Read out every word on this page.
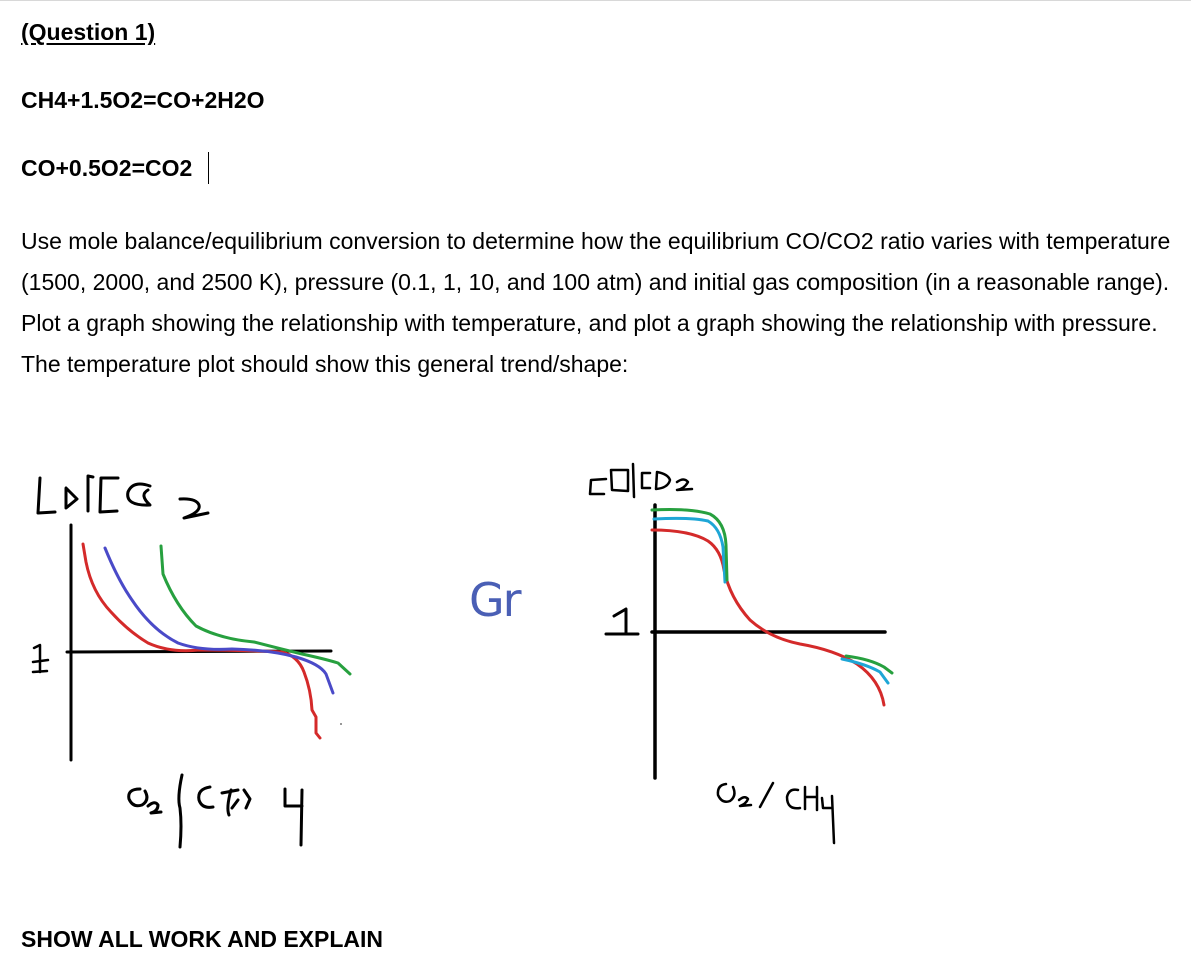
(Question 1)
CH4+1.5O2=CO+2H2O
CO+0.5O2=CO2

Use mole balance/equilibrium conversion to determine how the equilibrium CO/CO2 ratio varies with temperature (1500, 2000, and 2500 K), pressure (0.1, 1, 10, and 100 atm) and initial gas composition (in a reasonable range). Plot a graph showing the relationship with temperature, and plot a graph showing the relationship with pressure. The temperature plot should show this general trend/shape:

Gr
SHOW ALL WORK AND EXPLAIN
